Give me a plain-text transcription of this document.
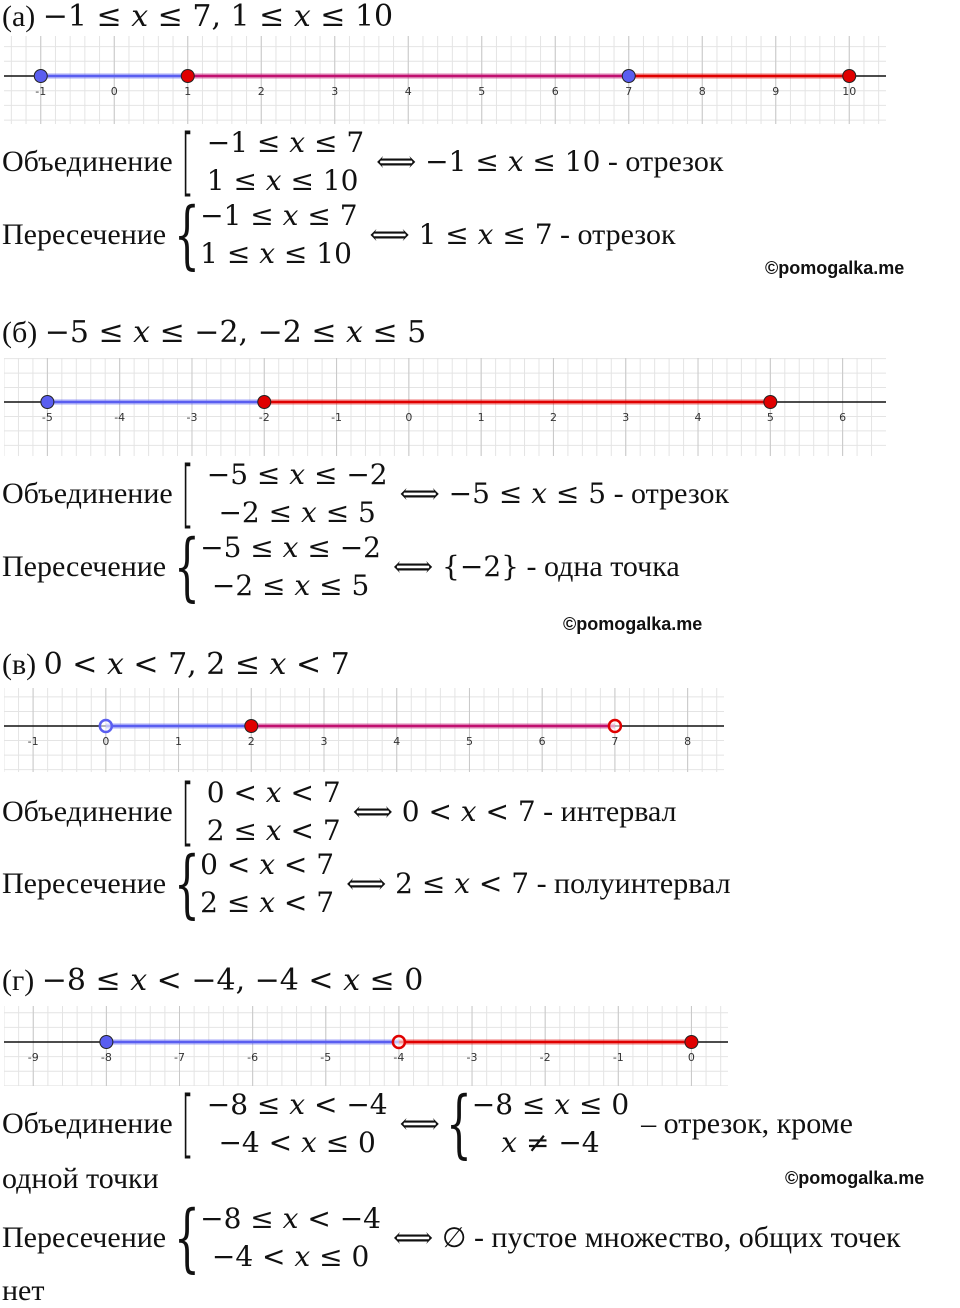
(а) −1 ≤ 𝑥 ≤ 7, 1 ≤ 𝑥 ≤ 10
-1	0	1	2	3	4	5	6	7	8	9	10
Объединение [ −1 ≤ 𝑥 ≤ 7
1 ≤ 𝑥 ≤ 10
⟺ −1 ≤ 𝑥 ≤ 10 - отрезок
Пересечение { −1 ≤ 𝑥 ≤ 7
1 ≤ 𝑥 ≤ 10
⟺ 1 ≤ 𝑥 ≤ 7 - отрезок
©pomogalka.me
(б) −5 ≤ 𝑥 ≤ −2, −2 ≤ 𝑥 ≤ 5
-5	-4	-3	-2	-1	0	1	2	3	4	5	6
Объединение [ −5 ≤ 𝑥 ≤ −2
−2 ≤ 𝑥 ≤ 5
⟺ −5 ≤ 𝑥 ≤ 5 - отрезок
Пересечение { −5 ≤ 𝑥 ≤ −2
−2 ≤ 𝑥 ≤ 5
⟺ {−2} - одна точка
©pomogalka.me
(в) 0 < 𝑥 < 7, 2 ≤ 𝑥 < 7
-1	0	1	2	3	4	5	6	7	8
Объединение [ 0 < 𝑥 < 7
2 ≤ 𝑥 < 7
⟺ 0 < 𝑥 < 7 - интервал
Пересечение { 0 < 𝑥 < 7
2 ≤ 𝑥 < 7
⟺ 2 ≤ 𝑥 < 7 - полуинтервал
(г) −8 ≤ 𝑥 < −4, −4 < 𝑥 ≤ 0
-9	-8	-7	-6	-5	-4	-3	-2	-1	0
Объединение [ −8 ≤ 𝑥 < −4
−4 < 𝑥 ≤ 0
⟺ { −8 ≤ 𝑥 ≤ 0
𝑥 ≠ −4
– отрезок, кроме
одной точки	©pomogalka.me
Пересечение { −8 ≤ 𝑥 < −4
−4 < 𝑥 ≤ 0
⟺ ∅ - пустое множество, общих точек
нет
